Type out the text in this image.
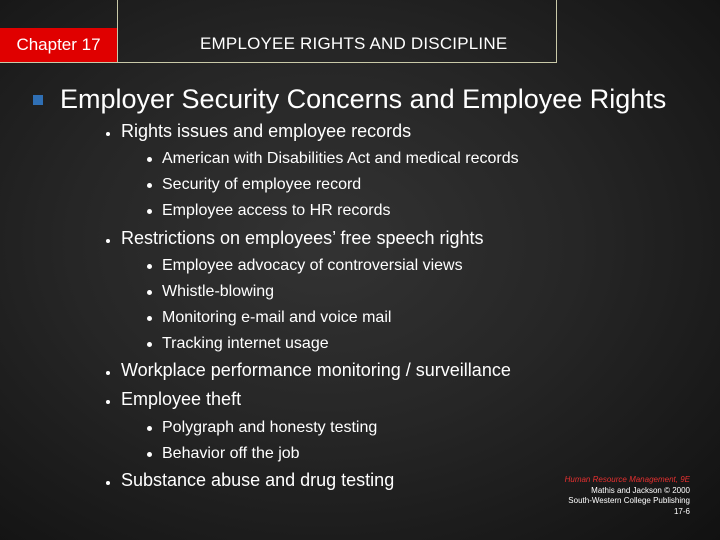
Chapter 17	EMPLOYEE RIGHTS AND DISCIPLINE
Employer Security Concerns and Employee Rights
Rights issues and employee records
American with Disabilities Act and medical records
Security of employee record
Employee access to HR records
Restrictions on employees’ free speech rights
Employee advocacy of controversial views
Whistle-blowing
Monitoring e-mail and voice mail
Tracking internet usage
Workplace performance monitoring / surveillance
Employee theft
Polygraph and honesty testing
Behavior off the job
Substance abuse and drug testing	Human Resource Management, 9E
Mathis and Jackson © 2000
South-Western College Publishing
17-6
